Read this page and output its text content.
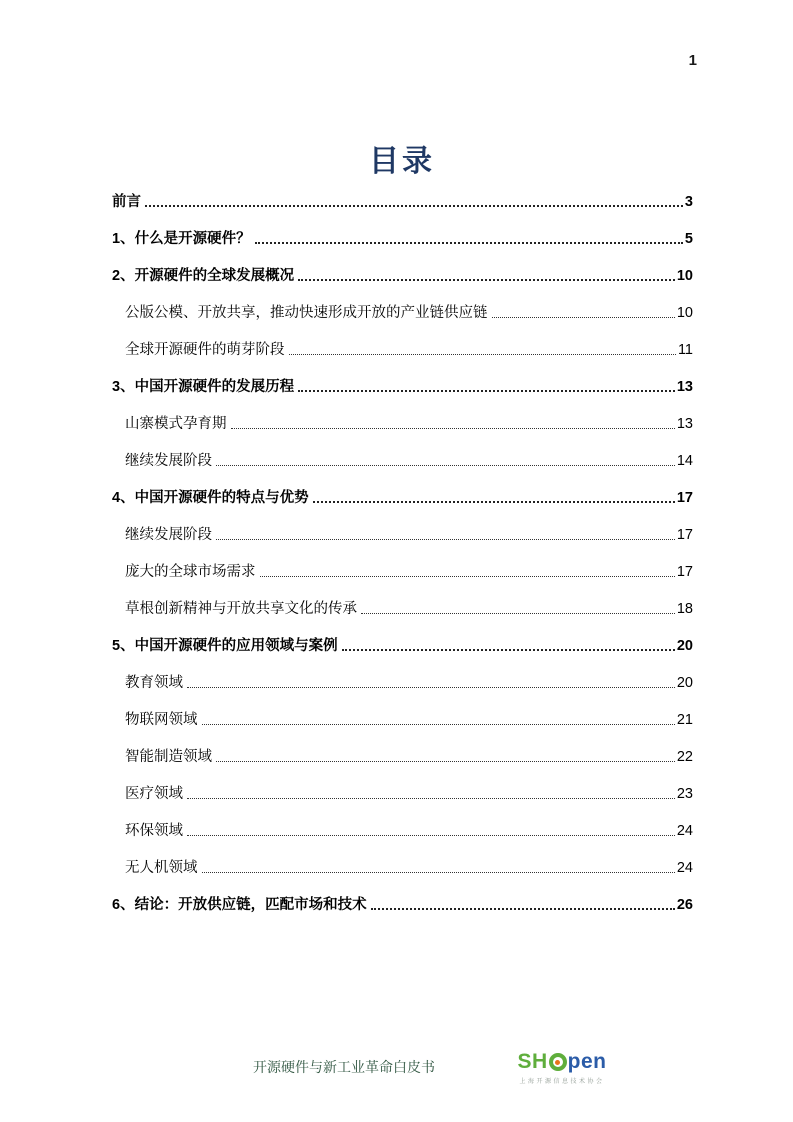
1
目录
前言	3
1、什么是开源硬件？	5
2、开源硬件的全球发展概况	10
公版公模、开放共享，推动快速形成开放的产业链供应链	10
全球开源硬件的萌芽阶段	11
3、中国开源硬件的发展历程	13
山寨模式孕育期	13
继续发展阶段	14
4、中国开源硬件的特点与优势	17
继续发展阶段	17
庞大的全球市场需求	17
草根创新精神与开放共享文化的传承	18
5、中国开源硬件的应用领域与案例	20
教育领域	20
物联网领域	21
智能制造领域	22
医疗领域	23
环保领域	24
无人机领域	24
6、结论：开放供应链，匹配市场和技术	26
开源硬件与新工业革命白皮书	SH pen
上海开源信息技术协会
